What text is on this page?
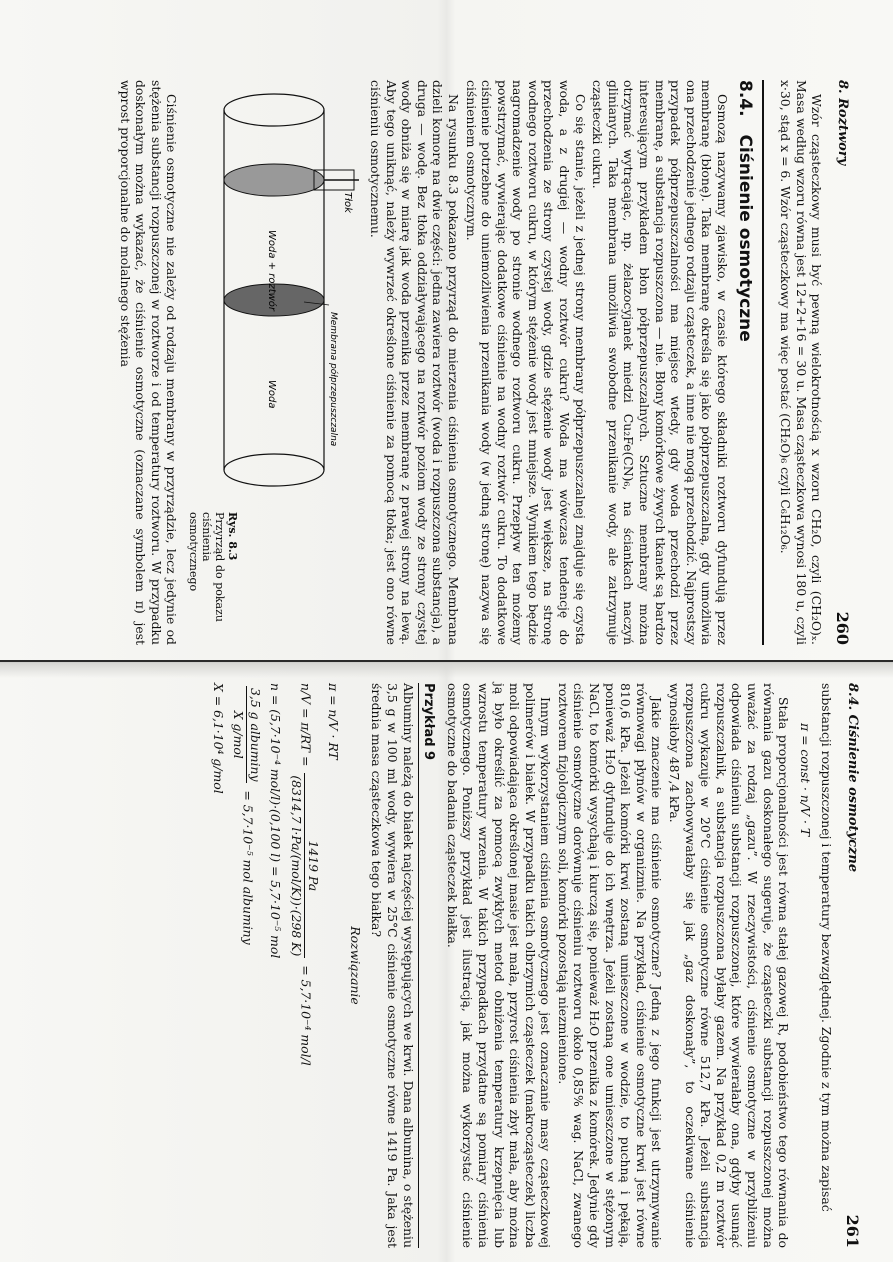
8. Roztwory
260

Wzór cząsteczkowy musi być pewną wielokrotnością x wzoru CH₂O, czyli (CH₂O)ₓ. Masa według wzoru równa jest 12+2+16 = 30 u. Masa cząsteczkowa wynosi 180 u, czyli x·30, stąd x = 6. Wzór cząsteczkowy ma więc postać (CH₂O)₆ czyli C₆H₁₂O₆.

8.4. Ciśnienie osmotyczne

Osmozą nazywamy zjawisko, w czasie którego składniki roztworu dyfundują przez membranę (błonę). Taka membranę określa się jako półprzepuszczalną, gdy umożliwia ona przechodzenie jednego rodzaju cząsteczek, a inne nie mogą przechodzić. Najprostszy przypadek półprzepuszczalności ma miejsce wtedy, gdy woda przechodzi przez membranę, a substancja rozpuszczona — nie. Błony komórkowe żywych tkanek są bardzo interesującym przykładem błon półprzepuszczalnych. Sztuczne membrany można otrzymać wytrącając, np. żelazocyjanek miedzi Cu₂Fe(CN)₆, na ściankach naczyń glinianych. Taka membrana umożliwia swobodne przenikanie wody, ale zatrzymuje cząsteczki cukru.

Co się stanie, jeżeli z jednej strony membrany półprzepuszczalnej znajduje się czysta woda, a z drugiej — wodny roztwór cukru? Woda ma wówczas tendencję do przechodzenia ze strony czystej wody, gdzie stężenie wody jest większe, na stronę wodnego roztworu cukru, w którym stężenie wody jest mniejsze. Wynikiem tego będzie nagromadzenie wody po stronie wodnego roztworu cukru. Przepływ ten możemy powstrzymać, wywierając dodatkowe ciśnienie na wodny roztwór cukru. To dodatkowe ciśnienie potrzebne do uniemożliwienia przenikania wody (w jedną stronę) nazywa się ciśnieniem osmotycznym.

Na rysunku 8.3 pokazano przyrząd do mierzenia ciśnienia osmotycznego. Membrana dzieli komorę na dwie części: jedna zawiera roztwór (woda i rozpuszczona substancja), a druga — wodę. Bez tłoka oddziaływającego na roztwór poziom wody ze strony czystej wody obniża się w miarę jak woda przenika przez membranę z prawej strony na lewą. Aby tego uniknąć, należy wywrzeć określone ciśnienie za pomocą tłoka; jest ono równe ciśnieniu osmotycznemu.

Tłok
Woda + roztwór
Woda	Membrana półprzepuszczalna
Rys. 8.3
Przyrząd do pokazu ciśnienia osmotycznego

Ciśnienie osmotyczne nie zależy od rodzaju membrany w przyrządzie, lecz jedynie od stężenia substancji rozpuszczonej w roztworze i od temperatury roztworu. W przypadku doskonałym można wykazać, że ciśnienie osmotyczne (oznaczane symbolem π) jest wprost proporcjonalne do molalnego stężenia

8.4. Ciśnienie osmotyczne
261

substancji rozpuszczonej i temperatury bezwzględnej. Zgodnie z tym można zapisać

π = const · n/V · T

Stała proporcjonalności jest równa stałej gazowej R, podobieństwo tego równania do równania gazu doskonałego sugeruje, że cząsteczki substancji rozpuszczonej można uważać za rodzaj „gazu”. W rzeczywistości, ciśnienie osmotyczne w przybliżeniu odpowiada ciśnieniu substancji rozpuszczonej, które wywierałaby ona, gdyby usunąć rozpuszczalnik, a substancja rozpuszczona byłaby gazem. Na przykład 0,2 m roztwór cukru wykazuje w 20°C ciśnienie osmotyczne równe 512,7 kPa. Jeżeli substancja rozpuszczona zachowywałaby się jak „gaz doskonały”, to oczekiwane ciśnienie wynosiłoby 487,4 kPa.

Jakie znaczenie ma ciśnienie osmotyczne? Jedną z jego funkcji jest utrzymywanie równowagi płynów w organizmie. Na przykład, ciśnienie osmotyczne krwi jest równe 810,6 kPa. Jeżeli komórki krwi zostaną umieszczone w wodzie, to puchną i pękają, ponieważ H₂O dyfunduje do ich wnętrza. Jeżeli zostaną one umieszczone w stężonym NaCl, to komórki wysychają i kurczą się, ponieważ H₂O przenika z komórek. Jedynie gdy ciśnienie osmotyczne dorównuje ciśnieniu roztworu około 0,85% wag. NaCl, zwanego roztworem fizjologicznym soli, komórki pozostają niezmienione.

Innym wykorzystaniem ciśnienia osmotycznego jest oznaczanie masy cząsteczkowej polimerów i białek. W przypadku takich olbrzymich cząsteczek (makrocząsteczek) liczba moli odpowiadająca określonej masie jest mała, przyrost ciśnienia zbyt mała, aby można ją było określić za pomocą zwykłych metod obniżenia temperatury krzepnięcia lub wzrostu temperatury wrzenia. W takich przypadkach przydatne są pomiary ciśnienia osmotycznego. Poniższy przykład jest ilustracją, jak można wykorzystać ciśnienie osmotyczne do badania cząsteczek białka.

Przykład 9

Albuminy należą do białek najczęściej występujących we krwi. Dana albumina, o stężeniu 3,5 g w 100 ml wody, wywiera w 25°C ciśnienie osmotyczne równe 1419 Pa. Jaka jest średnia masa cząsteczkowa tego białka?

Rozwiązanie
π = n/V · RT
n/V = π/RT =
1419 Pa
(8314,7 l·Pa/(mol/K))·(298 K)
= 5,7·10⁻⁴ mol/l
n = (5,7·10⁻⁴ mol/l)·(0,100 l) = 5,7·10⁻⁵ mol
3,5 g albuminy
X g/mol
= 5,7·10⁻⁵ mol albuminy
X = 6,1·10⁴ g/mol
